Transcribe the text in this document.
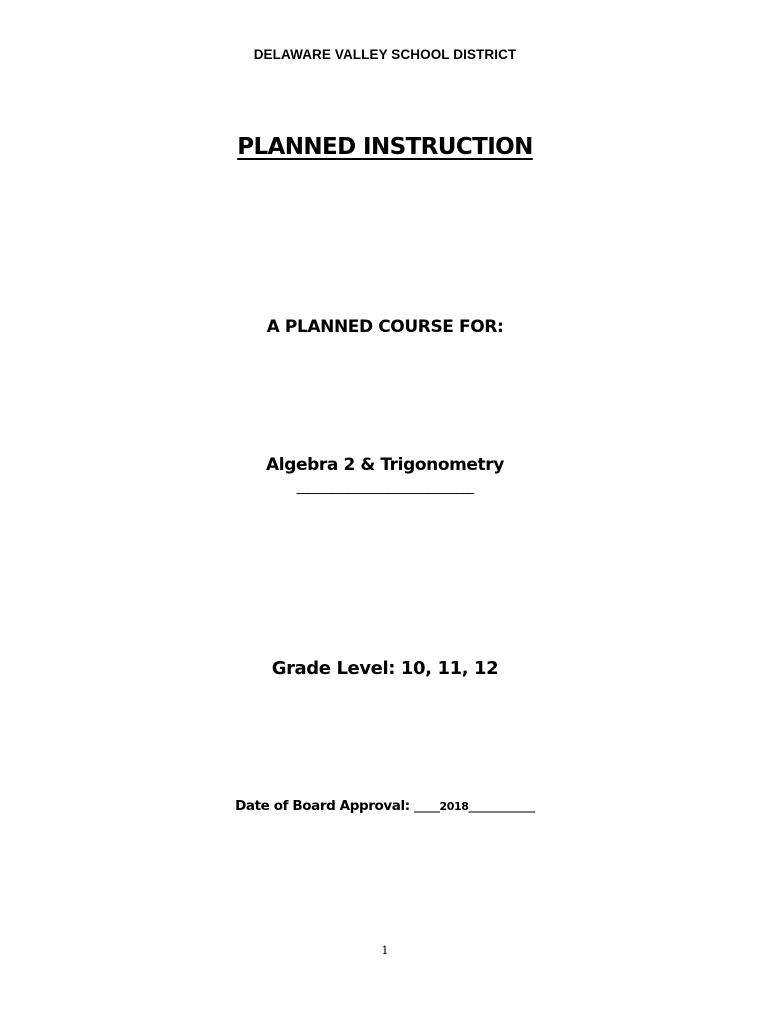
DELAWARE VALLEY SCHOOL DISTRICT
PLANNED INSTRUCTION
A PLANNED COURSE FOR:
Algebra 2 & Trigonometry
_______________________________
Grade Level: 10, 11, 12
Date of Board Approval: _____2018_____________
1
